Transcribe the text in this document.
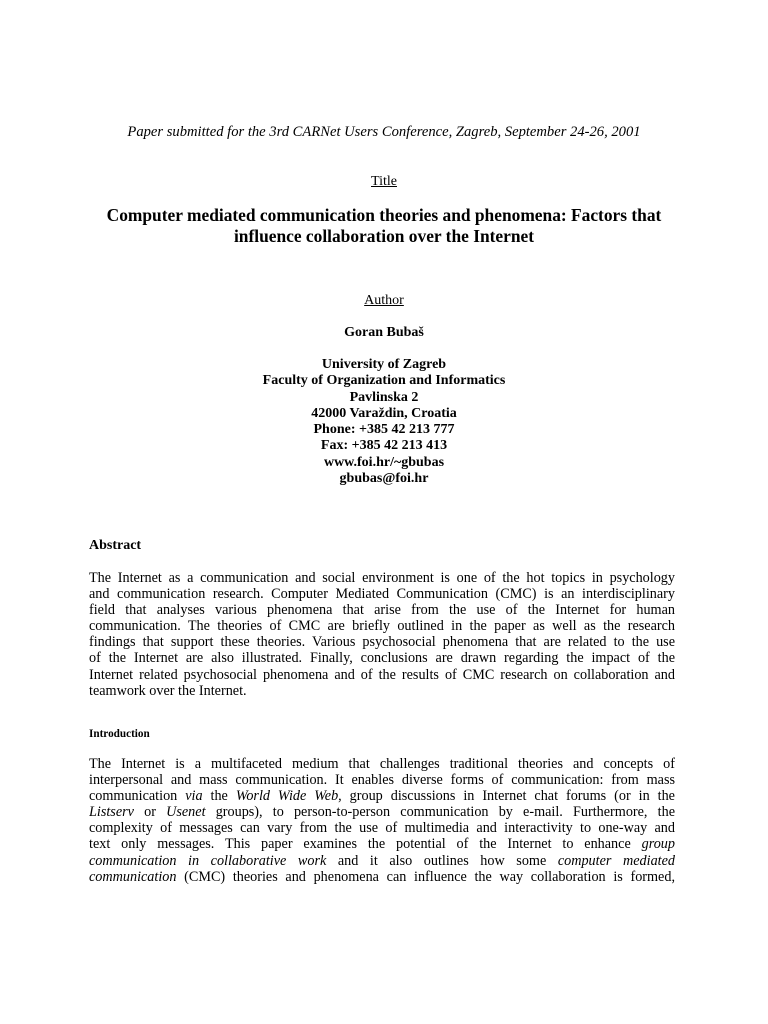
Paper submitted for the 3rd CARNet Users Conference, Zagreb, September 24-26, 2001
Title
Computer mediated communication theories and phenomena: Factors that
influence collaboration over the Internet
Author
Goran Bubaš
University of Zagreb
Faculty of Organization and Informatics
Pavlinska 2
42000 Varaždin, Croatia
Phone: +385 42 213 777
Fax: +385 42 213 413
www.foi.hr/~gbubas
gbubas@foi.hr
Abstract
The Internet as a communication and social environment is one of the hot topics in psychology
and communication research. Computer Mediated Communication (CMC) is an interdisciplinary
field that analyses various phenomena that arise from the use of the Internet for human
communication. The theories of CMC are briefly outlined in the paper as well as the research
findings that support these theories. Various psychosocial phenomena that are related to the use
of the Internet are also illustrated. Finally, conclusions are drawn regarding the impact of the
Internet related psychosocial phenomena and of the results of CMC research on collaboration and
teamwork over the Internet.
Introduction
The Internet is a multifaceted medium that challenges traditional theories and concepts of
interpersonal and mass communication. It enables diverse forms of communication: from mass
communication via the World Wide Web, group discussions in Internet chat forums (or in the
Listserv or Usenet groups), to person-to-person communication by e-mail. Furthermore, the
complexity of messages can vary from the use of multimedia and interactivity to one-way and
text only messages. This paper examines the potential of the Internet to enhance group
communication in collaborative work and it also outlines how some computer mediated
communication (CMC) theories and phenomena can influence the way collaboration is formed,
